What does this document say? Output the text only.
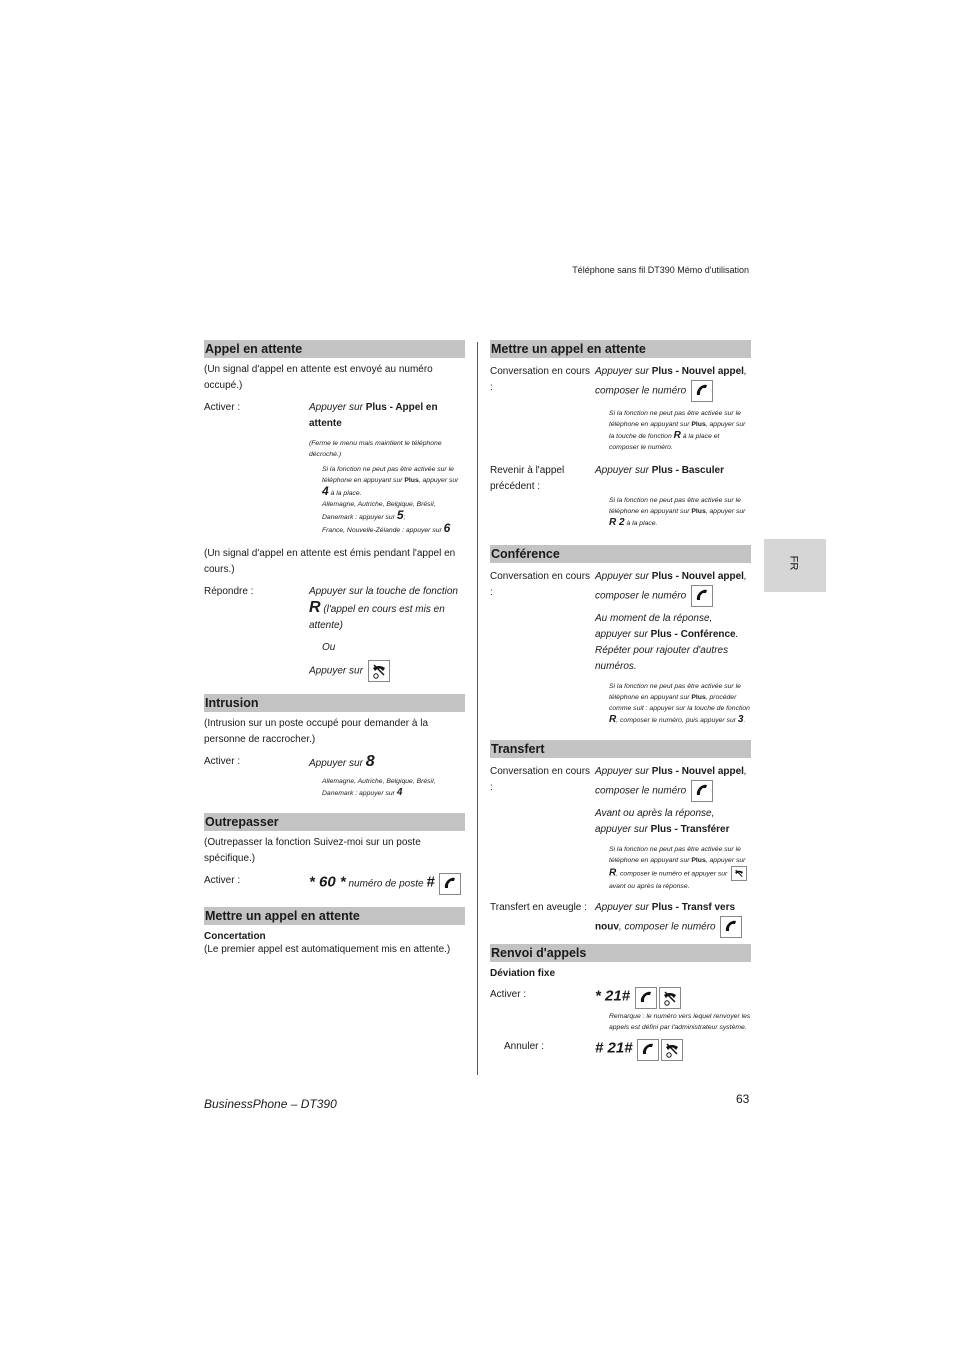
Téléphone sans fil DT390 Mémo d'utilisation
FR
Appel en attente
(Un signal d'appel en attente est envoyé au numéro occupé.)
Activer :	Appuyer sur Plus - Appel en attente
(Ferme le menu mais maintient le téléphone décroché.)
Si la fonction ne peut pas être activée sur le téléphone en appuyant sur Plus, appuyer sur
4 à la place.
Allemagne, Autriche, Belgique, Brésil, Danemark : appuyer sur 5;
France, Nouvelle-Zélande : appuyer sur 6
(Un signal d'appel en attente est émis pendant l'appel en cours.)
Répondre :	Appuyer sur la touche de fonction
R (l'appel en cours est mis en attente)
Ou
Appuyer sur
Intrusion
(Intrusion sur un poste occupé pour demander à la personne de raccrocher.)
Activer :	Appuyer sur 8
Allemagne, Autriche, Belgique, Brésil, Danemark : appuyer sur 4
Outrepasser
(Outrepasser la fonction Suivez-moi sur un poste spécifique.)
Activer :	* 60 * numéro de poste #
Mettre un appel en attente
Concertation
(Le premier appel est automatiquement mis en attente.)
Mettre un appel en attente
Conversation en cours :
Appuyer sur Plus - Nouvel appel, composer le numéro
Si la fonction ne peut pas être activée sur le téléphone en appuyant sur Plus, appuyer sur la touche de fonction R à la place et composer le numéro.
Revenir à l'appel précédent :
Appuyer sur Plus - Basculer
Si la fonction ne peut pas être activée sur le téléphone en appuyant sur Plus, appuyer sur R 2 à la place.
Conférence
Conversation en cours :
Appuyer sur Plus - Nouvel appel, composer le numéro
Au moment de la réponse, appuyer sur Plus - Conférence.
Répéter pour rajouter d'autres numéros.
Si la fonction ne peut pas être activée sur le téléphone en appuyant sur Plus, procéder comme suit : appuyer sur la touche de fonction R, composer le numéro, puis appuyer sur 3.
Transfert
Conversation en cours :
Appuyer sur Plus - Nouvel appel, composer le numéro
Avant ou après la réponse, appuyer sur Plus - Transférer
Si la fonction ne peut pas être activée sur le téléphone en appuyant sur Plus, appuyer sur R, composer le numéro et appuyer sur
avant ou après la réponse.
Transfert en aveugle : Appuyer sur Plus - Transf vers nouv, composer le numéro
Renvoi d'appels
Déviation fixe
Activer :	* 21#
Remarque : le numéro vers lequel renvoyer les appels est défini par l'administrateur système.
Annuler :	# 21#
BusinessPhone – DT390	63
